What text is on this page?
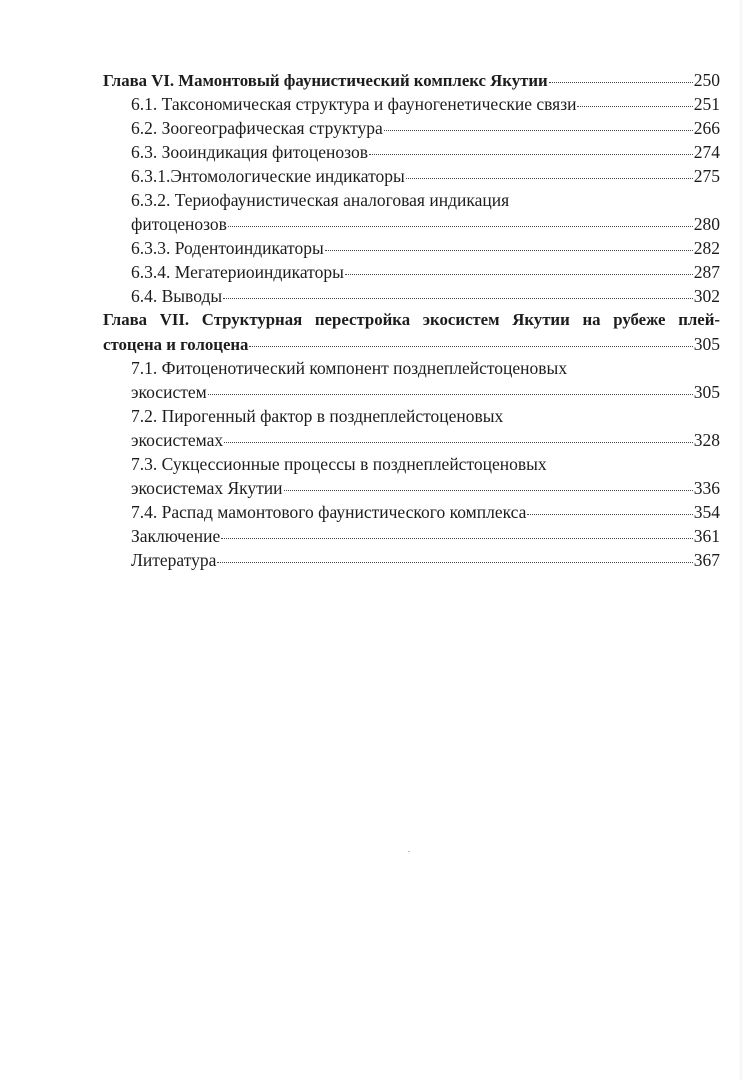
Глава VI. Мамонтовый фаунистический комплекс Якутии	250
6.1. Таксономическая структура и фауногенетические связи	251
6.2. Зоогеографическая структура	266
6.3. Зооиндикация фитоценозов	274
6.3.1.Энтомологические индикаторы	275
6.3.2. Териофаунистическая аналоговая индикация
фитоценозов	280
6.3.3. Родентоиндикаторы	282
6.3.4. Мегатериоиндикаторы	287
6.4. Выводы	302
Глава VII. Структурная перестройка экосистем Якутии на рубеже плей-
стоцена и голоцена	305
7.1. Фитоценотический компонент позднеплейстоценовых
экосистем	305
7.2. Пирогенный фактор в позднеплейстоценовых
экосистемах	328
7.3. Сукцессионные процессы в позднеплейстоценовых
экосистемах Якутии	336
7.4. Распад мамонтового фаунистического комплекса	354
Заключение	361
Литература	367
